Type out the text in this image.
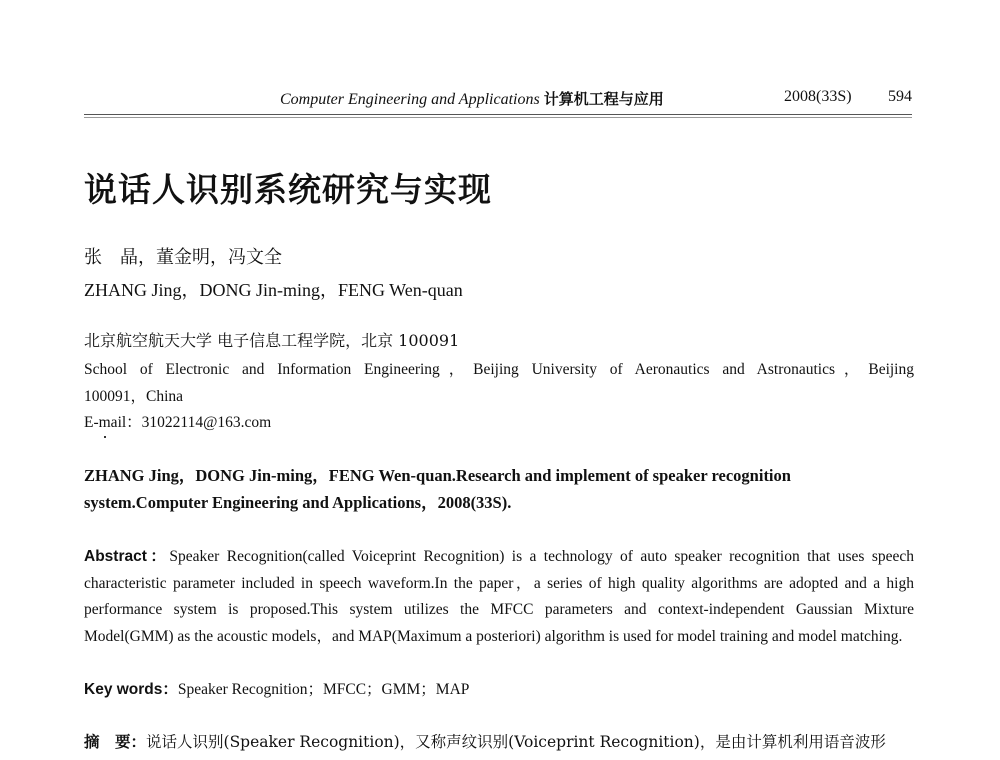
Computer Engineering and Applications 计算机工程与应用	2008(33S) 594
说话人识别系统研究与实现
张　晶，董金明，冯文全
ZHANG Jing，DONG Jin-ming，FENG Wen-quan
北京航空航天大学 电子信息工程学院，北京 100091
School of Electronic and Information Engineering，Beijing University of Aeronautics and Astronautics，Beijing
100091，China
E-mail：31022114@163.com
ZHANG Jing，DONG Jin-ming，FENG Wen-quan.Research and implement of speaker recognition system.Computer Engineering and Applications，2008(33S).
Abstract：Speaker Recognition(called Voiceprint Recognition) is a technology of auto speaker recognition that uses speech characteristic parameter included in speech waveform.In the paper，a series of high quality algorithms are adopted and a high performance system is proposed.This system utilizes the MFCC parameters and context-independent Gaussian Mixture Model(GMM) as the acoustic models，and MAP(Maximum a posteriori) algorithm is used for model training and model matching.
Key words：Speaker Recognition；MFCC；GMM；MAP
摘　要：说话人识别(Speaker Recognition)，又称声纹识别(Voiceprint Recognition)，是由计算机利用语音波形
